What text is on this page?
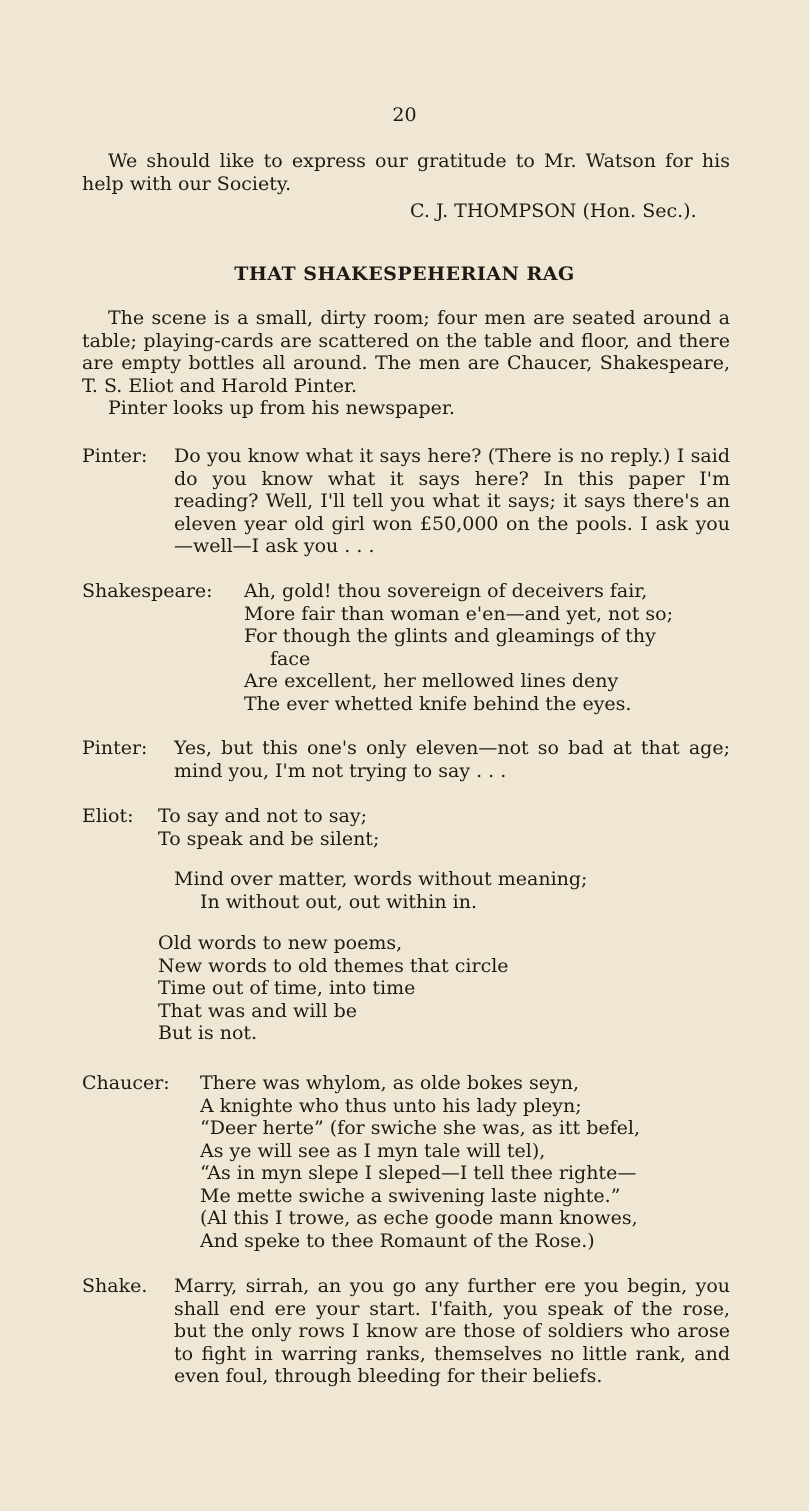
20

We should like to express our gratitude to Mr. Watson for his help with our Society.

C. J. THOMPSON (Hon. Sec.).
THAT SHAKESPEHERIAN RAG

The scene is a small, dirty room; four men are seated around a table; playing-cards are scattered on the table and floor, and there are empty bottles all around. The men are Chaucer, Shakespeare, T. S. Eliot and Harold Pinter.

Pinter looks up from his newspaper.

Pinter: Do you know what it says here? (There is no reply.) I said do you know what it says here? In this paper I'm reading? Well, I'll tell you what it says; it says there's an eleven year old girl won £50,000 on the pools. I ask you—well—I ask you . . .
Shakespeare: Ah, gold! thou sovereign of deceivers fair,
More fair than woman e'en—and yet, not so;
For though the glints and gleamings of thy
face
Are excellent, her mellowed lines deny
The ever whetted knife behind the eyes.
Pinter: Yes, but this one's only eleven—not so bad at that age; mind you, I'm not trying to say . . .
Eliot: To say and not to say;
To speak and be silent;
Mind over matter, words without meaning;
In without out, out within in.
Old words to new poems,
New words to old themes that circle
Time out of time, into time
That was and will be
But is not.
Chaucer: There was whylom, as olde bokes seyn,
A knighte who thus unto his lady pleyn;
“Deer herte” (for swiche she was, as itt befel,
As ye will see as I myn tale will tel),
“As in myn slepe I sleped—I tell thee righte—
Me mette swiche a swivening laste nighte.”
(Al this I trowe, as eche goode mann knowes,
And speke to thee Romaunt of the Rose.)
Shake. Marry, sirrah, an you go any further ere you begin, you shall end ere your start. I'faith, you speak of the rose, but the only rows I know are those of soldiers who arose to fight in warring ranks, themselves no little rank, and even foul, through bleeding for their beliefs.
